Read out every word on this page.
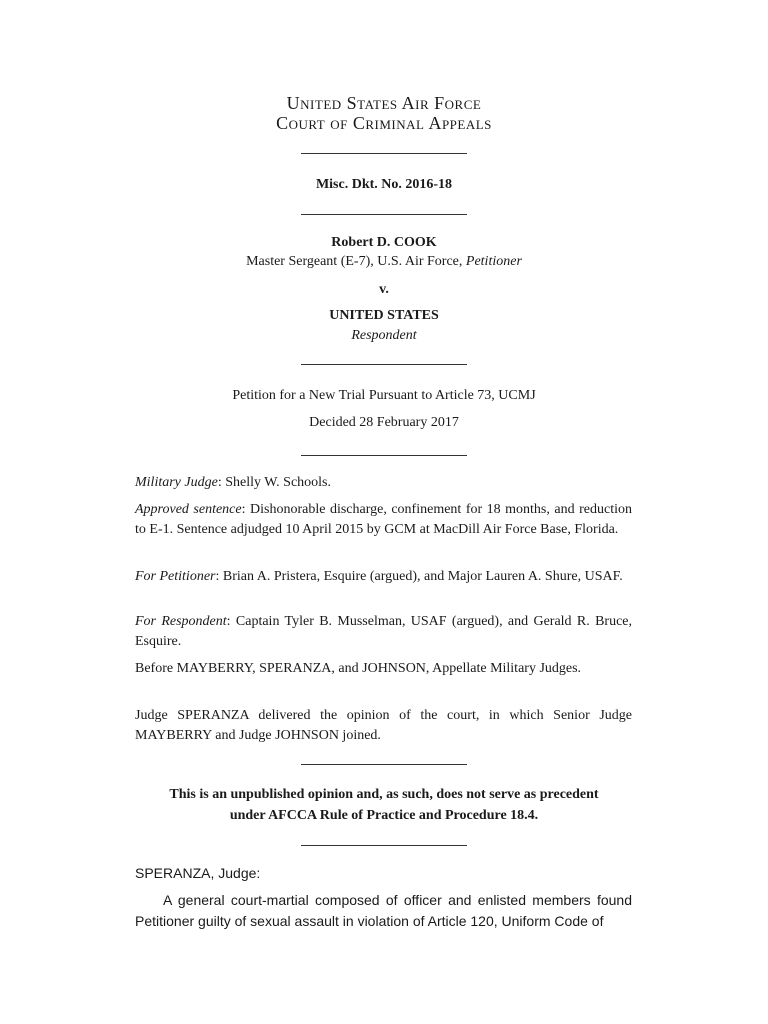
United States Air Force
Court of Criminal Appeals
Misc. Dkt. No. 2016-18
Robert D. COOK
Master Sergeant (E-7), U.S. Air Force, Petitioner
v.
UNITED STATES
Respondent
Petition for a New Trial Pursuant to Article 73, UCMJ
Decided 28 February 2017
Military Judge: Shelly W. Schools.
Approved sentence: Dishonorable discharge, confinement for 18 months, and reduction to E-1. Sentence adjudged 10 April 2015 by GCM at MacDill Air Force Base, Florida.
For Petitioner: Brian A. Pristera, Esquire (argued), and Major Lauren A. Shure, USAF.
For Respondent: Captain Tyler B. Musselman, USAF (argued), and Gerald R. Bruce, Esquire.
Before MAYBERRY, SPERANZA, and JOHNSON, Appellate Military Judges.
Judge SPERANZA delivered the opinion of the court, in which Senior Judge MAYBERRY and Judge JOHNSON joined.
This is an unpublished opinion and, as such, does not serve as precedent under AFCCA Rule of Practice and Procedure 18.4.
SPERANZA, Judge:
A general court-martial composed of officer and enlisted members found Petitioner guilty of sexual assault in violation of Article 120, Uniform Code of
